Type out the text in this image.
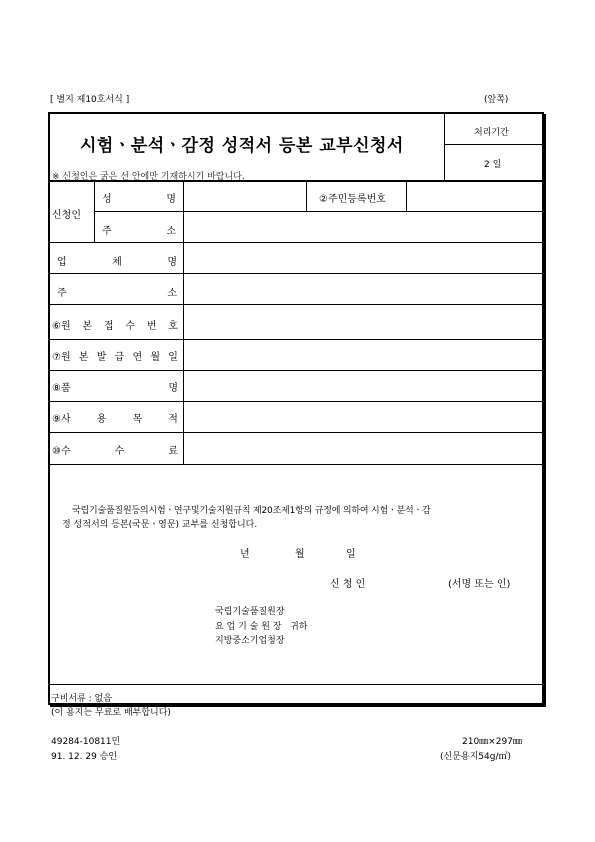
[ 별지 제10호서식 ]	(앞쪽)
시험ㆍ분석ㆍ감정 성적서 등본 교부신청서
처리기간
2 일
※ 신청인은 굵은 선 안에만 기재하시기 바랍니다.
신청인
성	명	②주민등록번호
주	소
업	체	명
주	소
⑥원 본 접 수 번 호
⑦원 본 발 급 연 월 일
⑧품	명
⑨사	용	목	적
⑩수	수	료
국립기술품질원등의시험ㆍ연구및기술지원규칙 제20조제1항의 규정에 의하여 시험ㆍ분석ㆍ감
정 성적서의 등본(국문ㆍ영문) 교부를 신청합니다.
년	월	일
신 청 인	(서명 또는 인)
국립기술품질원장
요 업 기 술 원 장 귀하
지방중소기업청장
구비서류 : 없음
(이 용지는 무료로 배부합니다)
49284-10811민
91. 12. 29 승인
210㎜×297㎜
(신문용지54g/㎡)
